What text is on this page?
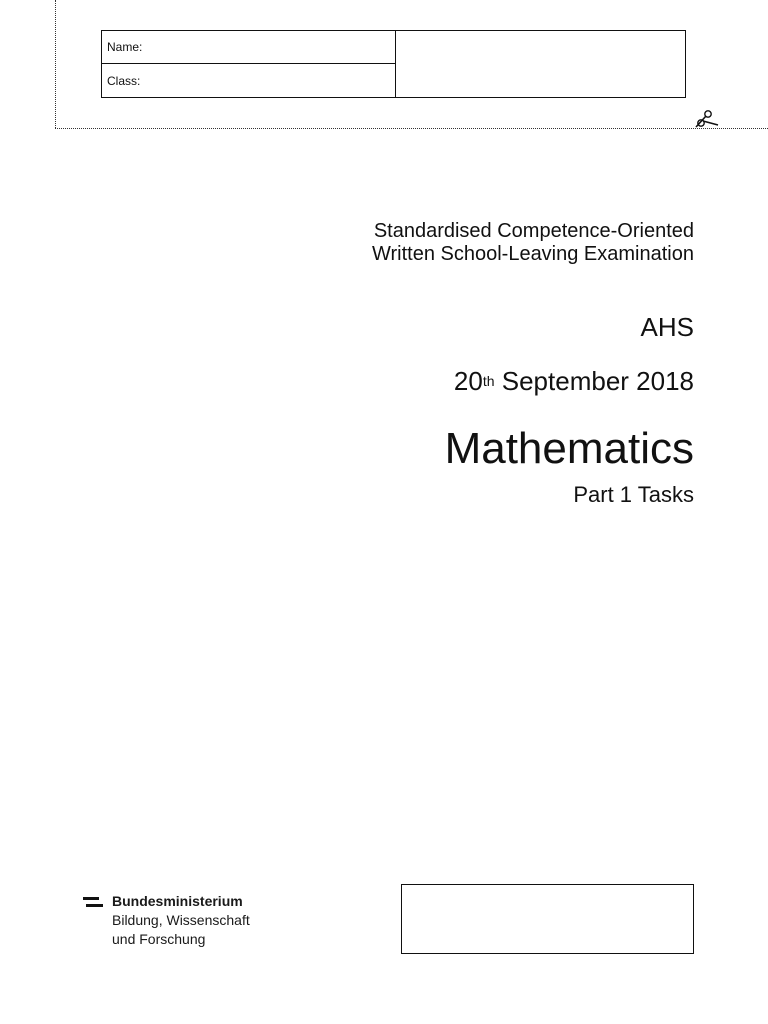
Name:
Class:
Standardised Competence-Oriented
Written School-Leaving Examination
AHS
20th September 2018
Mathematics
Part 1 Tasks
Bundesministerium
Bildung, Wissenschaft
und Forschung
